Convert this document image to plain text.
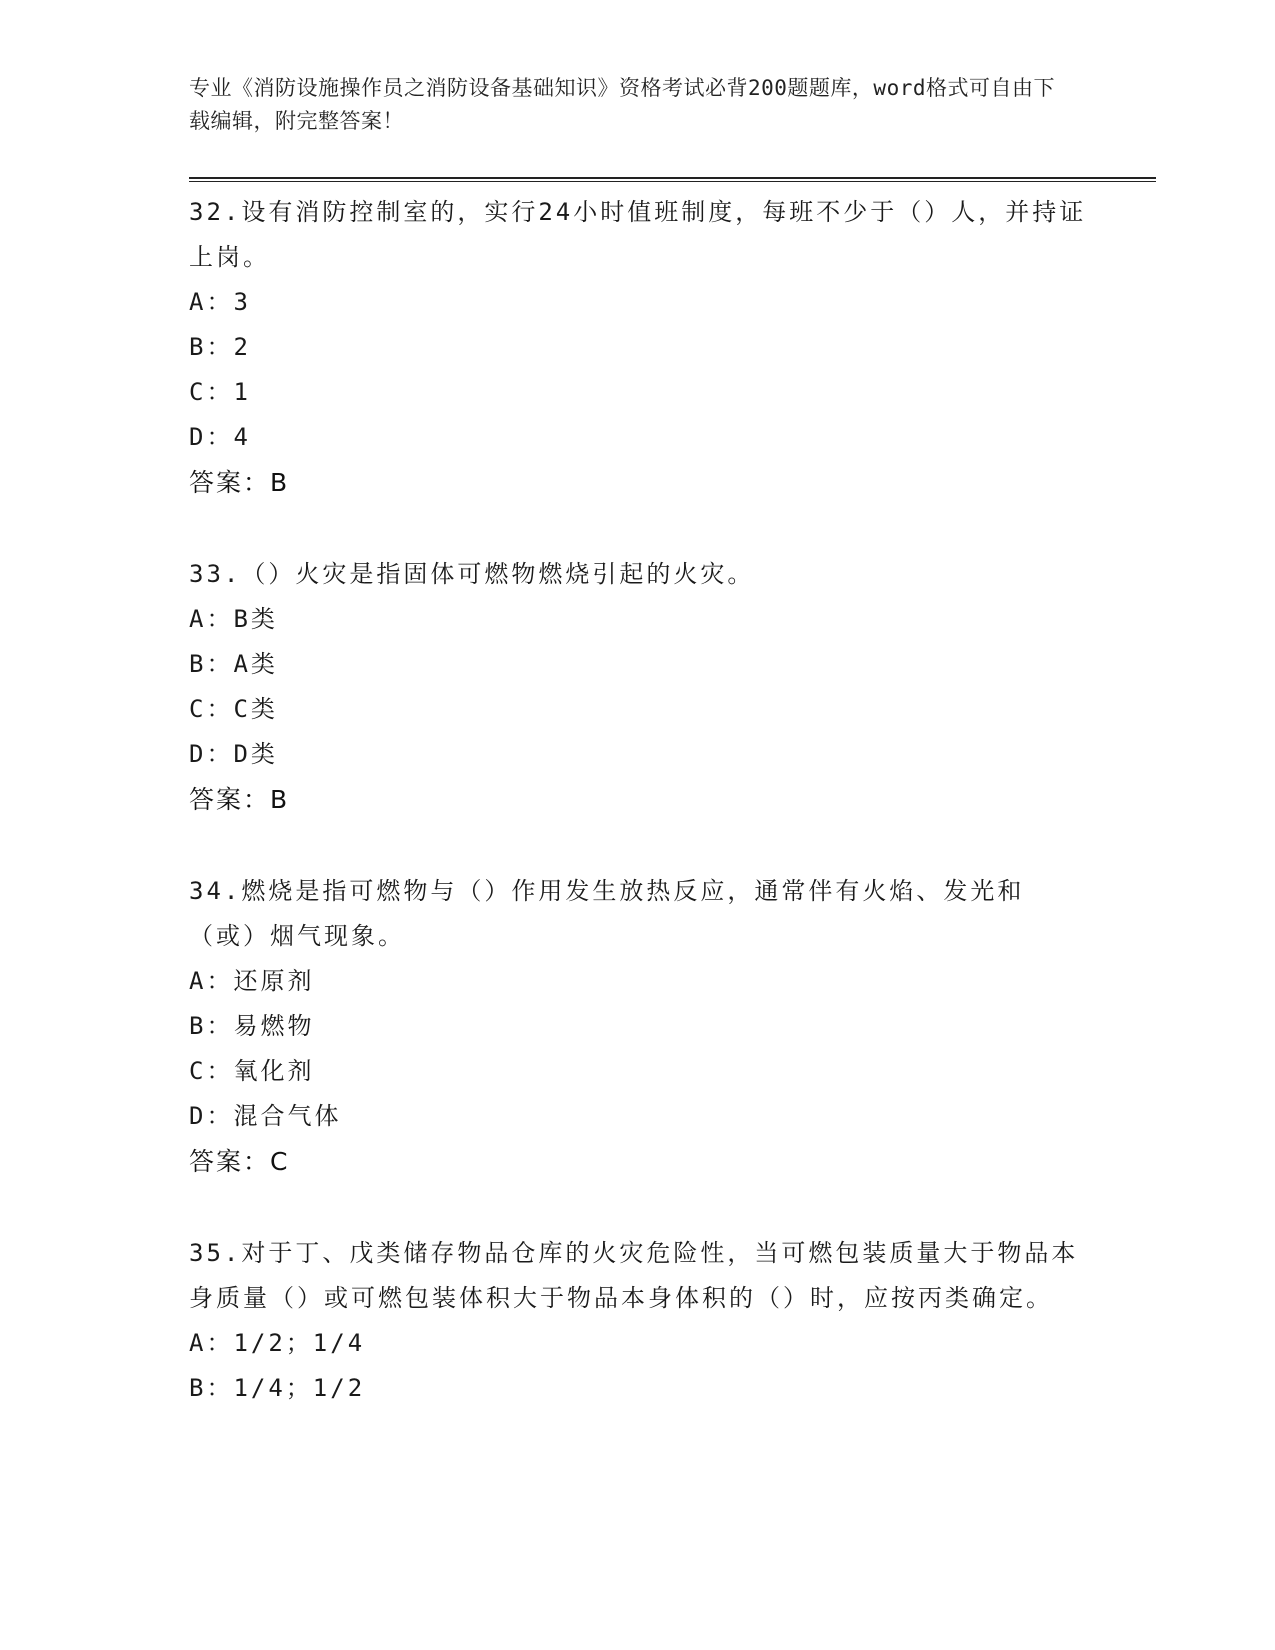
专业《消防设施操作员之消防设备基础知识》资格考试必背200题题库，word格式可自由下载编辑，附完整答案！
32.设有消防控制室的，实行24小时值班制度，每班不少于（）人，并持证上岗。
A：3
B：2
C：1
D：4
答案：B
33.（）火灾是指固体可燃物燃烧引起的火灾。
A：B类
B：A类
C：C类
D：D类
答案：B
34.燃烧是指可燃物与（）作用发生放热反应，通常伴有火焰、发光和（或）烟气现象。
A：还原剂
B：易燃物
C：氧化剂
D：混合气体
答案：C
35.对于丁、戊类储存物品仓库的火灾危险性，当可燃包装质量大于物品本身质量（）或可燃包装体积大于物品本身体积的（）时，应按丙类确定。
A：1/2；1/4
B：1/4；1/2
